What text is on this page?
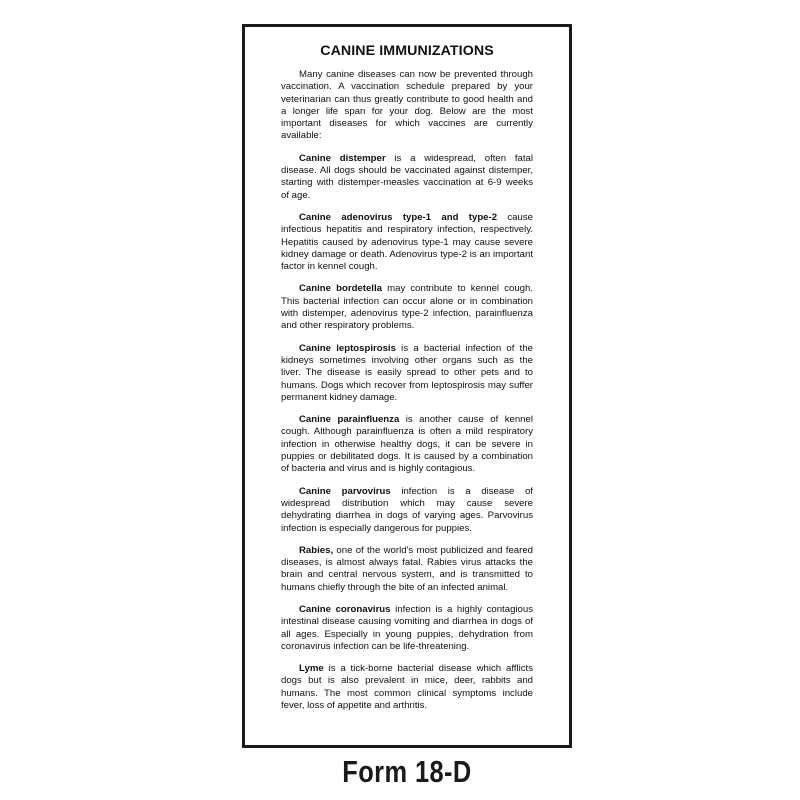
CANINE IMMUNIZATIONS

Many canine diseases can now be prevented through vaccination. A vaccination schedule prepared by your veterinarian can thus greatly contribute to good health and a longer life span for your dog. Below are the most important diseases for which vaccines are currently available:

Canine distemper is a widespread, often fatal disease. All dogs should be vaccinated against distemper, starting with distemper-measles vaccination at 6-9 weeks of age.

Canine adenovirus type-1 and type-2 cause infectious hepatitis and respiratory infection, respectively. Hepatitis caused by adenovirus type-1 may cause severe kidney damage or death. Adenovirus type-2 is an important factor in kennel cough.

Canine bordetella may contribute to kennel cough. This bacterial infection can occur alone or in combination with distemper, adenovirus type-2 infection, parainfluenza and other respiratory problems.

Canine leptospirosis is a bacterial infection of the kidneys sometimes involving other organs such as the liver. The disease is easily spread to other pets and to humans. Dogs which recover from leptospirosis may suffer permanent kidney damage.

Canine parainfluenza is another cause of kennel cough. Although parainfluenza is often a mild respiratory infection in otherwise healthy dogs, it can be severe in puppies or debilitated dogs. It is caused by a combination of bacteria and virus and is highly contagious.

Canine parvovirus infection is a disease of widespread distribution which may cause severe dehydrating diarrhea in dogs of varying ages. Parvovirus infection is especially dangerous for puppies.

Rabies, one of the world's most publicized and feared diseases, is almost always fatal. Rabies virus attacks the brain and central nervous system, and is transmitted to humans chiefly through the bite of an infected animal.

Canine coronavirus infection is a highly contagious intestinal disease causing vomiting and diarrhea in dogs of all ages. Especially in young puppies, dehydration from coronavirus infection can be life-threatening.

Lyme is a tick-borne bacterial disease which afflicts dogs but is also prevalent in mice, deer, rabbits and humans. The most common clinical symptoms include fever, loss of appetite and arthritis.

Form 18-D
